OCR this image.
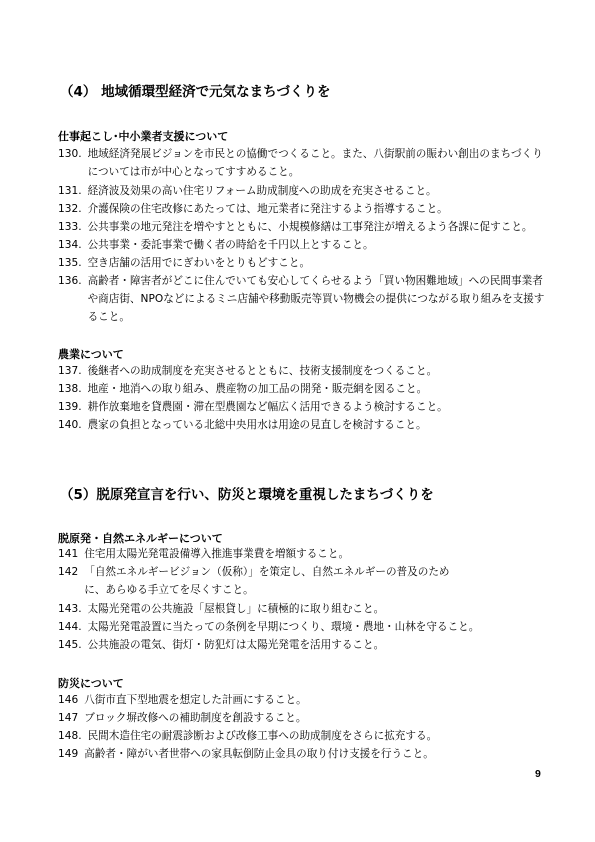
（4） 地域循環型経済で元気なまちづくりを
仕事起こし･中小業者支援について
130. 地域経済発展ビジョンを市民との協働でつくること。また、八街駅前の賑わい創出のまちづくりについては市が中心となってすすめること。
131. 経済波及効果の高い住宅リフォーム助成制度への助成を充実させること。
132. 介護保険の住宅改修にあたっては、地元業者に発注するよう指導すること。
133. 公共事業の地元発注を増やすとともに、小規模修繕は工事発注が増えるよう各課に促すこと。
134. 公共事業・委託事業で働く者の時給を千円以上とすること。
135. 空き店舗の活用でにぎわいをとりもどすこと。
136. 高齢者・障害者がどこに住んでいても安心してくらせるよう「買い物困難地域」への民間事業者や商店街、NPOなどによるミニ店舗や移動販売等買い物機会の提供につながる取り組みを支援すること。
農業について
137. 後継者への助成制度を充実させるとともに、技術支援制度をつくること。
138. 地産・地消への取り組み、農産物の加工品の開発・販売網を図ること。
139. 耕作放棄地を貸農園・滞在型農園など幅広く活用できるよう検討すること。
140. 農家の負担となっている北総中央用水は用途の見直しを検討すること。
（5）脱原発宣言を行い、防災と環境を重視したまちづくりを
脱原発・自然エネルギーについて
141 住宅用太陽光発電設備導入推進事業費を増額すること。
142 「自然エネルギービジョン（仮称）」を策定し、自然エネルギーの普及のために、あらゆる手立てを尽くすこと。
143. 太陽光発電の公共施設「屋根貸し」に積極的に取り組むこと。
144. 太陽光発電設置に当たっての条例を早期につくり、環境・農地・山林を守ること。
145. 公共施設の電気、街灯・防犯灯は太陽光発電を活用すること。
防災について
146 八街市直下型地震を想定した計画にすること。
147 ブロック塀改修への補助制度を創設すること。
148. 民間木造住宅の耐震診断および改修工事への助成制度をさらに拡充する。
149 高齢者・障がい者世帯への家具転倒防止金具の取り付け支援を行うこと。
9
